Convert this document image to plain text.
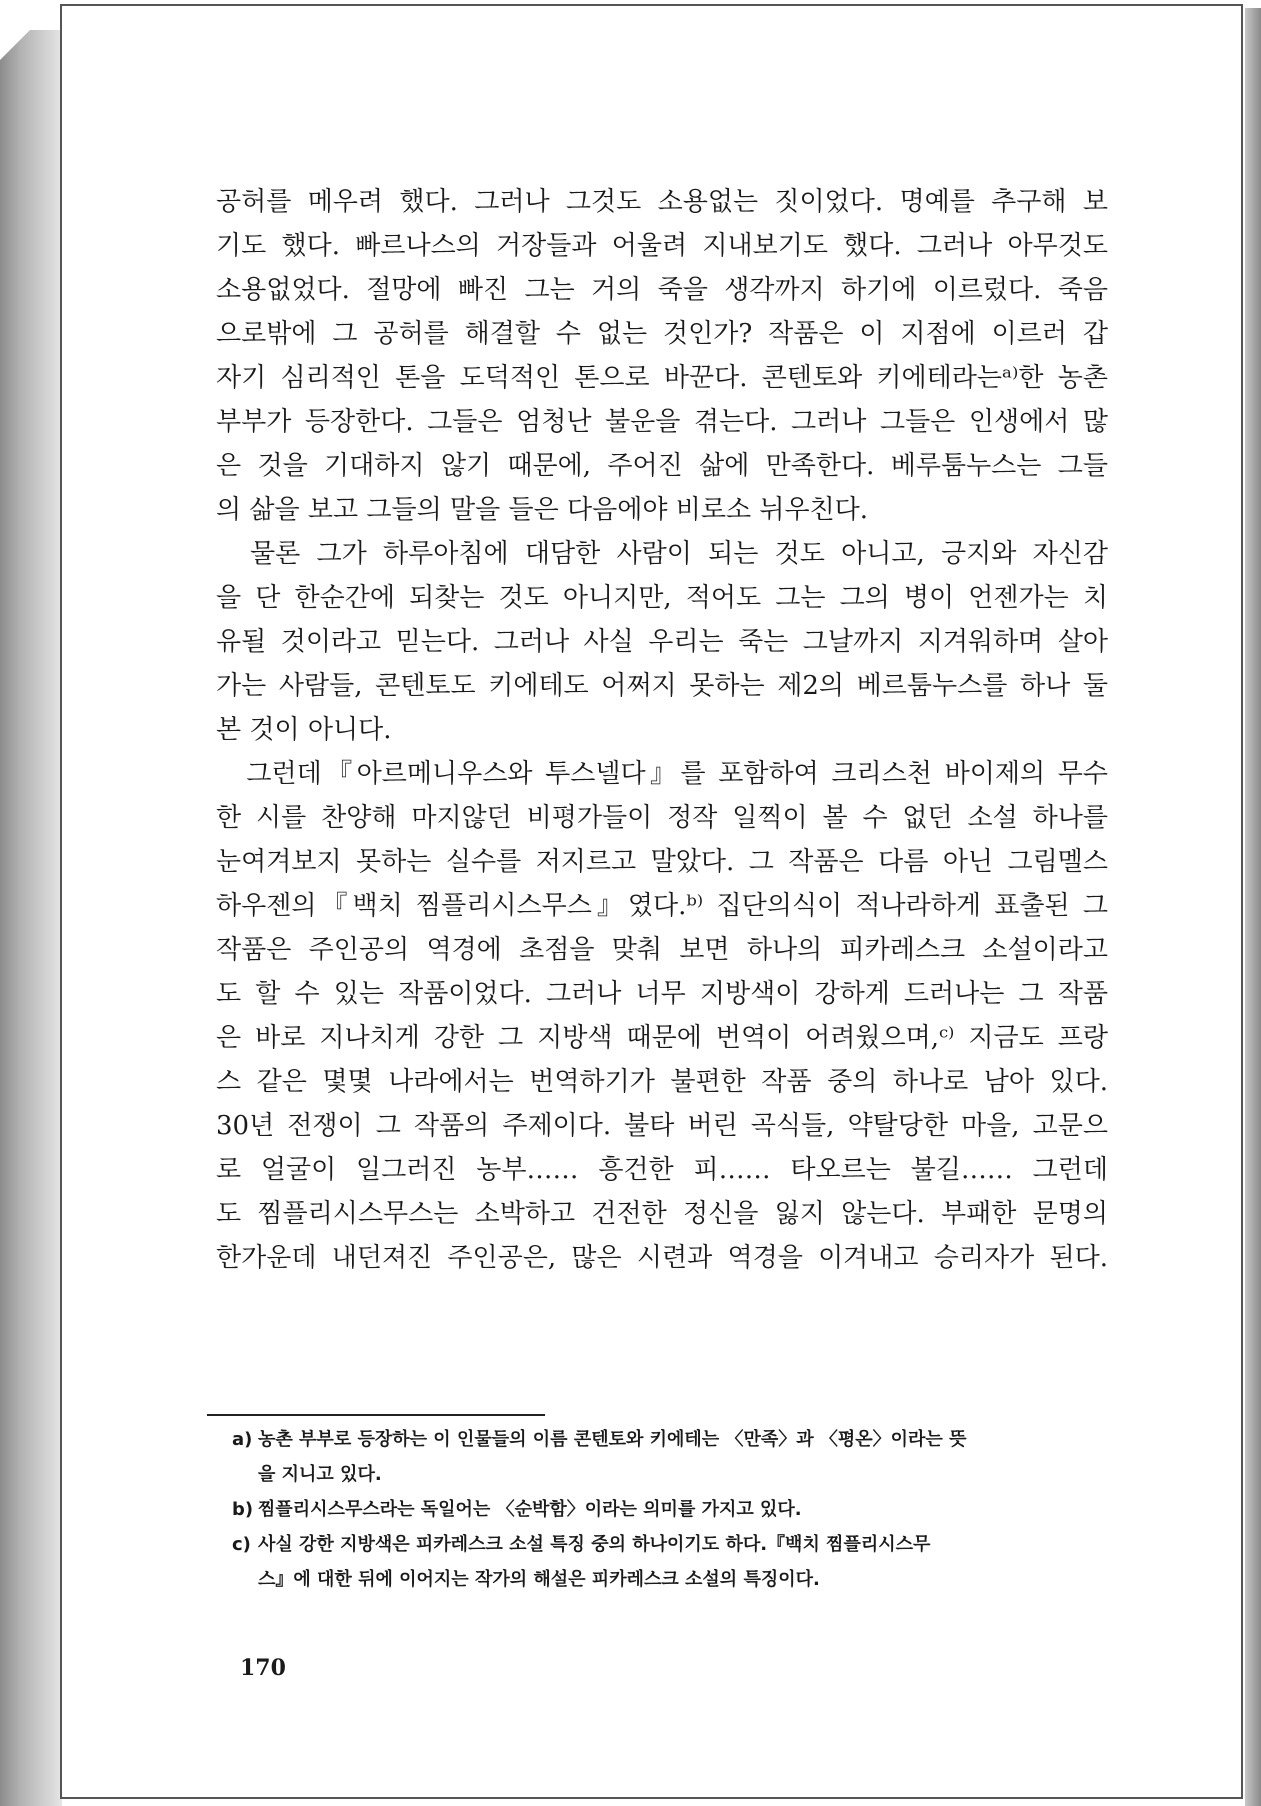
공허를 메우려 했다. 그러나 그것도 소용없는 짓이었다. 명예를 추구해 보
기도 했다. 빠르나스의 거장들과 어울려 지내보기도 했다. 그러나 아무것도
소용없었다. 절망에 빠진 그는 거의 죽을 생각까지 하기에 이르렀다. 죽음
으로밖에 그 공허를 해결할 수 없는 것인가? 작품은 이 지점에 이르러 갑
자기 심리적인 톤을 도덕적인 톤으로 바꾼다. 콘텐토와 키에테라는ᵃ⁾한 농촌
부부가 등장한다. 그들은 엄청난 불운을 겪는다. 그러나 그들은 인생에서 많
은 것을 기대하지 않기 때문에, 주어진 삶에 만족한다. 베루툼누스는 그들
의 삶을 보고 그들의 말을 들은 다음에야 비로소 뉘우친다.
　물론 그가 하루아침에 대담한 사람이 되는 것도 아니고, 긍지와 자신감
을 단 한순간에 되찾는 것도 아니지만, 적어도 그는 그의 병이 언젠가는 치
유될 것이라고 믿는다. 그러나 사실 우리는 죽는 그날까지 지겨워하며 살아
가는 사람들, 콘텐토도 키에테도 어쩌지 못하는 제2의 베르툼누스를 하나 둘
본 것이 아니다.
　그런데『아르메니우스와 투스넬다』를 포함하여 크리스천 바이제의 무수
한 시를 찬양해 마지않던 비평가들이 정작 일찍이 볼 수 없던 소설 하나를
눈여겨보지 못하는 실수를 저지르고 말았다. 그 작품은 다름 아닌 그림멜스
하우젠의『백치 찜플리시스무스』였다.ᵇ⁾ 집단의식이 적나라하게 표출된 그
작품은 주인공의 역경에 초점을 맞춰 보면 하나의 피카레스크 소설이라고
도 할 수 있는 작품이었다. 그러나 너무 지방색이 강하게 드러나는 그 작품
은 바로 지나치게 강한 그 지방색 때문에 번역이 어려웠으며,ᶜ⁾ 지금도 프랑
스 같은 몇몇 나라에서는 번역하기가 불편한 작품 중의 하나로 남아 있다.
30년 전쟁이 그 작품의 주제이다. 불타 버린 곡식들, 약탈당한 마을, 고문으
로 얼굴이 일그러진 농부…… 흥건한 피…… 타오르는 불길…… 그런데
도 찜플리시스무스는 소박하고 건전한 정신을 잃지 않는다. 부패한 문명의
한가운데 내던져진 주인공은, 많은 시련과 역경을 이겨내고 승리자가 된다.
a) 농촌 부부로 등장하는 이 인물들의 이름 콘텐토와 키에테는 〈만족〉과 〈평온〉이라는 뜻
을 지니고 있다.
b) 찜플리시스무스라는 독일어는 〈순박함〉이라는 의미를 가지고 있다.
c) 사실 강한 지방색은 피카레스크 소설 특징 중의 하나이기도 하다.『백치 찜플리시스무
스』에 대한 뒤에 이어지는 작가의 해설은 피카레스크 소설의 특징이다.
170
